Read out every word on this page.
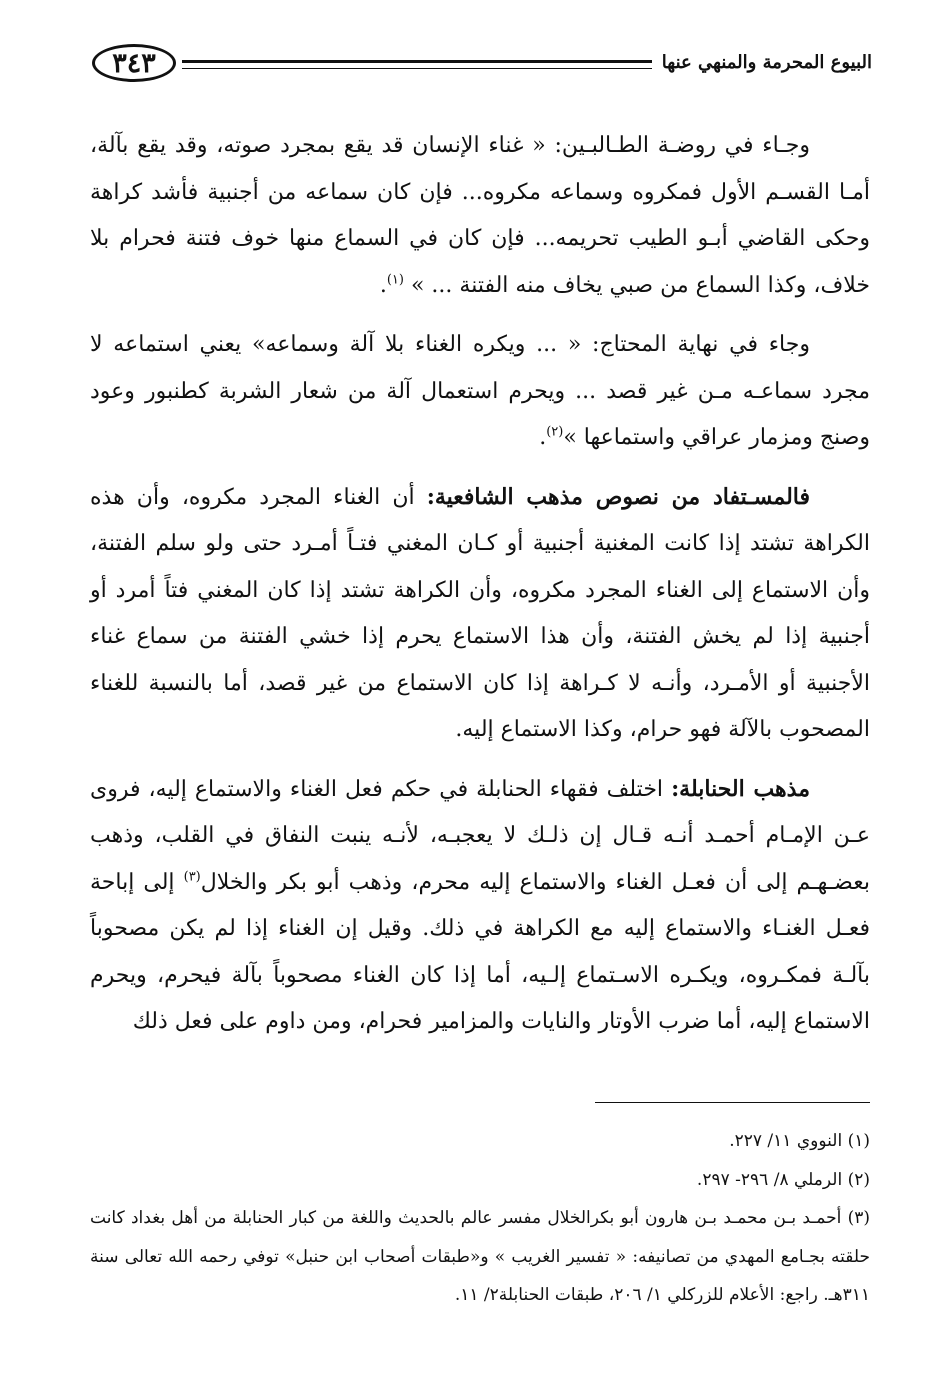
٣٤٣	البيوع المحرمة والمنهي عنها

وجـاء في روضـة الطـالبـين: « غناء الإنسان قد يقع بمجرد صوته، وقد يقع بآلة، أمـا القسـم الأول فمكروه وسماعه مكروه... فإن كان سماعه من أجنبية فأشد كراهة وحكى القاضي أبـو الطيب تحريمه... فإن كان في السماع منها خوف فتنة فحرام بلا خلاف، وكذا السماع من صبي يخاف منه الفتنة ... » $^{(١)}$.

وجاء في نهاية المحتاج: « ... ويكره الغناء بلا آلة وسماعه» يعني استماعه لا مجرد سماعـه مـن غير قصد ... ويحرم استعمال آلة من شعار الشربة كطنبور وعود وصنج ومزمار عراقي واستماعها »$^{(٢)}$.

فالمسـتفاد من نصوص مذهب الشافعية: أن الغناء المجرد مكروه، وأن هذه الكراهة تشتد إذا كانت المغنية أجنبية أو كـان المغني فتـاً أمـرد حتى ولو سلم الفتنة، وأن الاستماع إلى الغناء المجرد مكروه، وأن الكراهة تشتد إذا كان المغني فتاً أمرد أو أجنبية إذا لم يخش الفتنة، وأن هذا الاستماع يحرم إذا خشي الفتنة من سماع غناء الأجنبية أو الأمـرد، وأنـه لا كـراهة إذا كان الاستماع من غير قصد، أما بالنسبة للغناء المصحوب بالآلة فهو حرام، وكذا الاستماع إليه.

مذهب الحنابلة: اختلف فقهاء الحنابلة في حكم فعل الغناء والاستماع إليه، فروى عـن الإمـام أحمـد أنـه قـال إن ذلـك لا يعجبـه، لأنـه ينبت النفاق في القلب، وذهب بعضـهـم إلى أن فعـل الغناء والاستماع إليه محرم، وذهب أبو بكر والخلال$^{(٣)}$ إلى إباحة فعـل الغنـاء والاستماع إليه مع الكراهة في ذلك. وقيل إن الغناء إذا لم يكن مصحوباً بآلـة فمكـروه، ويكـره الاسـتماع إلـيه، أما إذا كان الغناء مصحوباً بآلة فيحرم، ويحرم الاستماع إليه، أما ضرب الأوتار والنايات والمزامير فحرام، ومن داوم على فعل ذلك

(١) النووي ١١/ ٢٢٧.

(٢) الرملي ٨/ ٢٩٦- ٢٩٧.

(٣) أحمـد بـن محمـد بـن هارون أبو بكرالخلال مفسر عالم بالحديث واللغة من كبار الحنابلة من أهل بغداد كانت حلقته بجـامع المهدي من تصانيفه: « تفسير الغريب » و«طبقات أصحاب ابن حنبل» توفي رحمه الله تعالى سنة ٣١١هـ. راجع: الأعلام للزركلي ١/ ٢٠٦، طبقات الحنابلة٢/ ١١.
